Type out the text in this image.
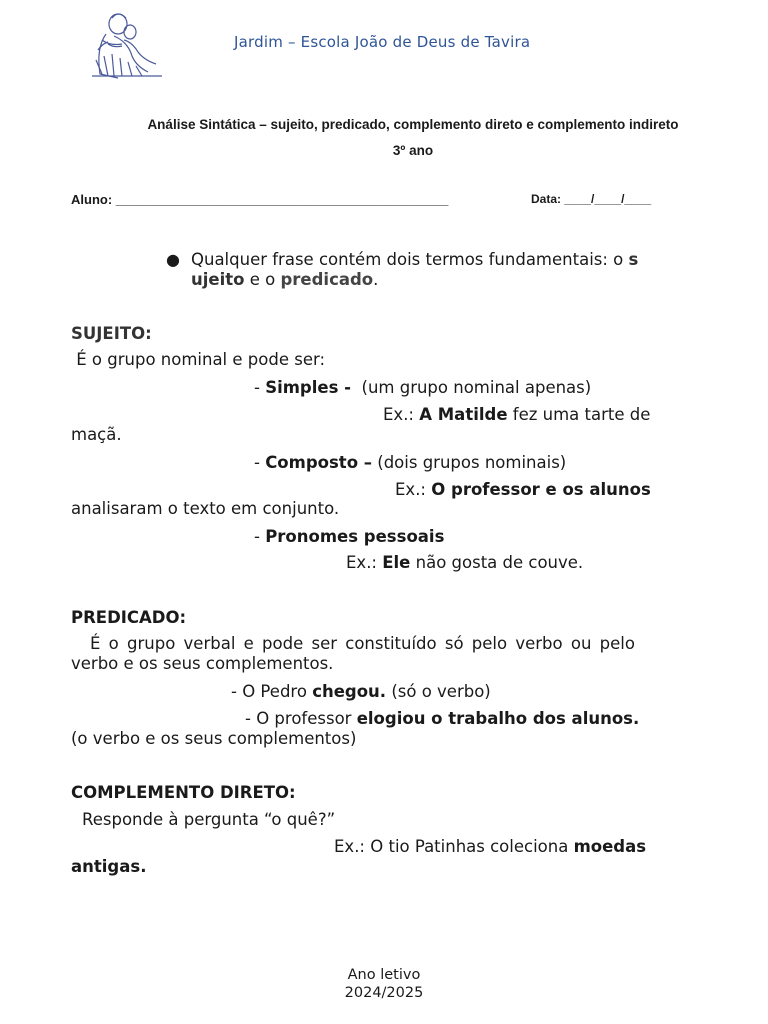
Jardim – Escola João de Deus de Tavira
Análise Sintática – sujeito, predicado, complemento direto e complemento indireto
3º ano
Aluno: ______________________________________________	Data: ____/____/____
● Qualquer frase contém dois termos fundamentais: o s
ujeito e o predicado.
SUJEITO:
É o grupo nominal e pode ser:
- Simples -  (um grupo nominal apenas)
Ex.: A Matilde fez uma tarte de
maçã.
- Composto – (dois grupos nominais)
Ex.: O professor e os alunos
analisaram o texto em conjunto.
- Pronomes pessoais
Ex.: Ele não gosta de couve.
PREDICADO:
É o grupo verbal e pode ser constituído só pelo verbo ou pelo
verbo e os seus complementos.
- O Pedro chegou. (só o verbo)
- O professor elogiou o trabalho dos alunos.
(o verbo e os seus complementos)
COMPLEMENTO DIRETO:
Responde à pergunta “o quê?”
Ex.: O tio Patinhas coleciona moedas
antigas.
Ano letivo
2024/2025
